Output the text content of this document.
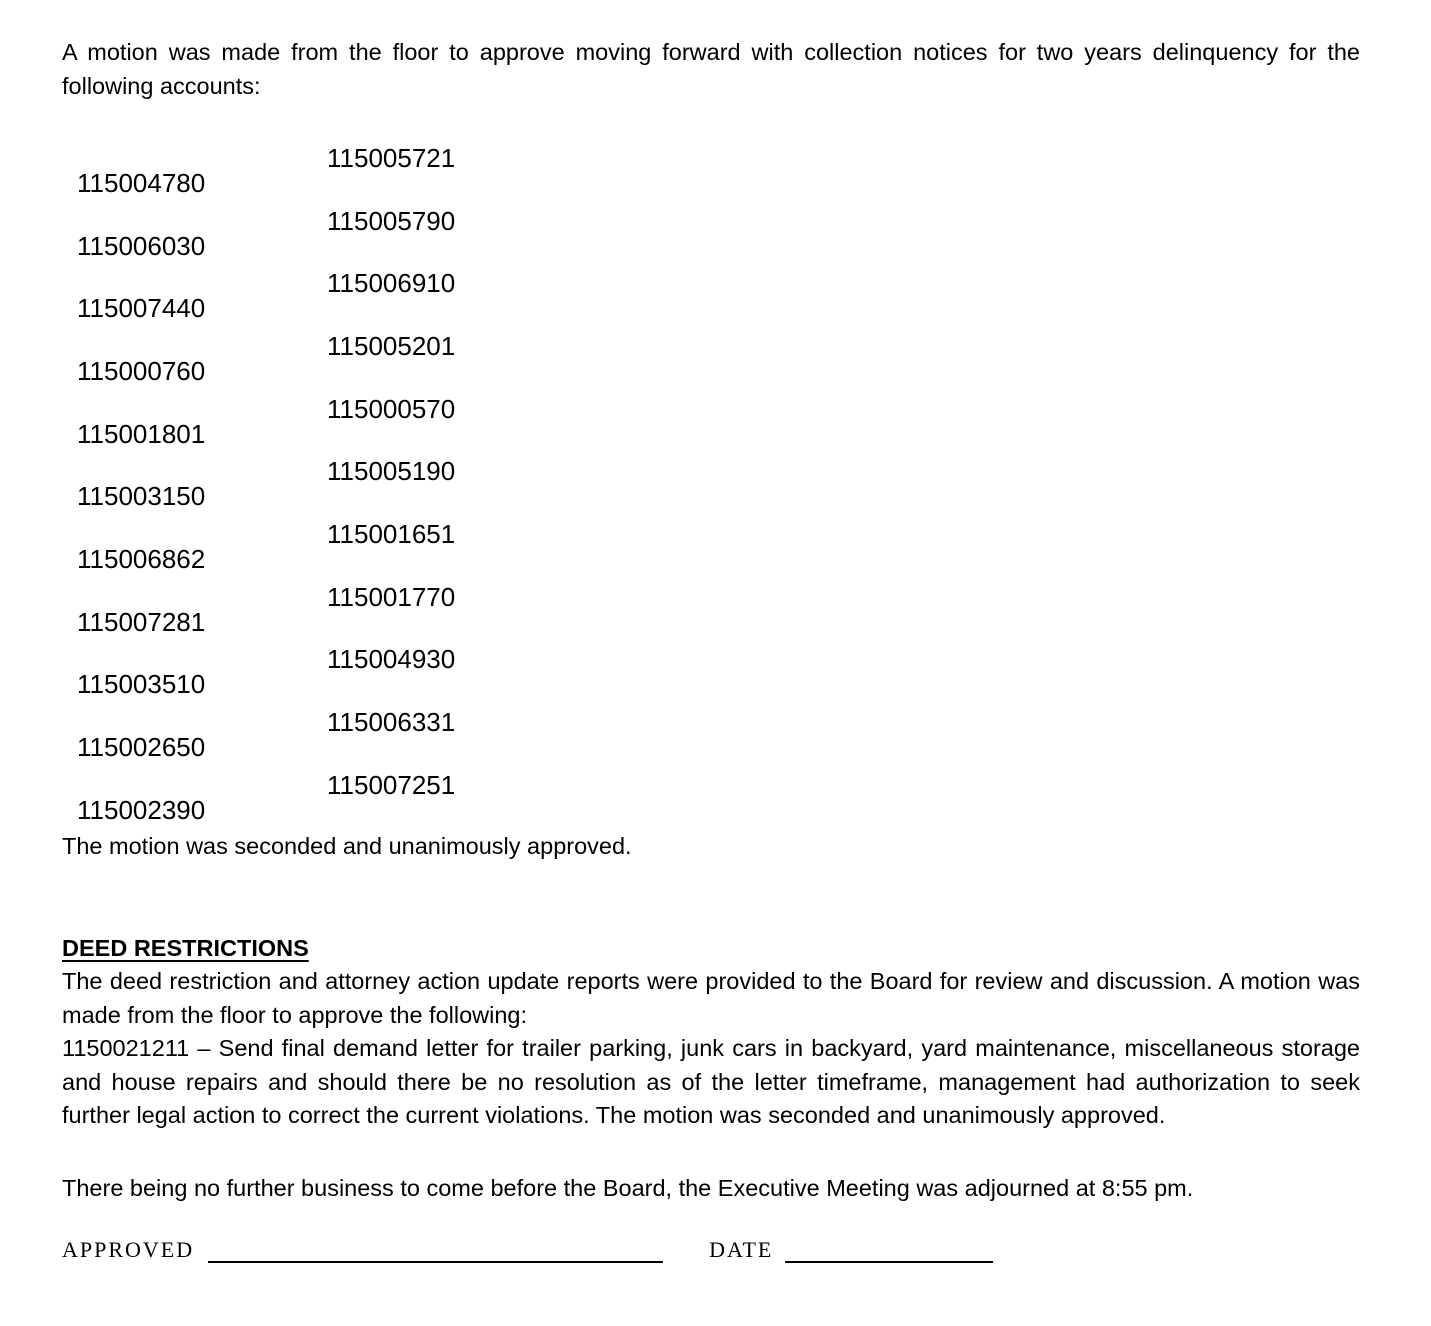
A motion was made from the floor to approve moving forward with collection notices for two years delinquency for the following accounts:

115005721
115004780
115005790
115006030
115006910
115007440
115005201
115000760
115000570
115001801
115005190
115003150
115001651
115006862
115001770
115007281
115004930
115003510
115006331
115002650
115007251
115002390

The motion was seconded and unanimously approved.

DEED RESTRICTIONS

The deed restriction and attorney action update reports were provided to the Board for review and discussion. A motion was made from the floor to approve the following:

1150021211 – Send final demand letter for trailer parking, junk cars in backyard, yard maintenance, miscellaneous storage and house repairs and should there be no resolution as of the letter timeframe, management had authorization to seek further legal action to correct the current violations. The motion was seconded and unanimously approved.

There being no further business to come before the Board, the Executive Meeting was adjourned at 8:55 pm.

APPROVED	DATE
